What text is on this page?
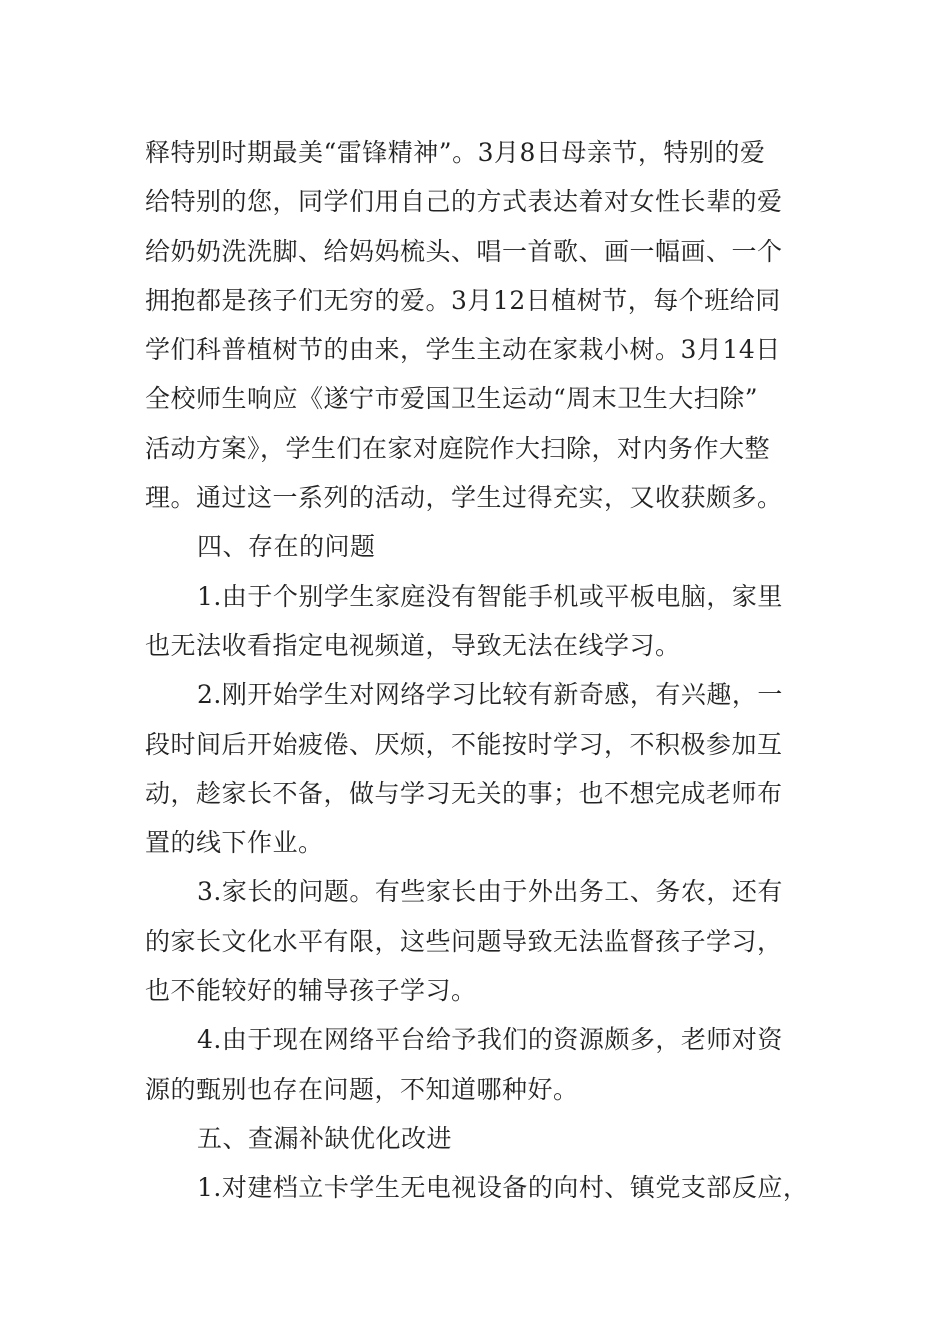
释特别时期最美“雷锋精神”。3月8日母亲节，特别的爱
给特别的您，同学们用自己的方式表达着对女性长辈的爱
给奶奶洗洗脚、给妈妈梳头、唱一首歌、画一幅画、一个
拥抱都是孩子们无穷的爱。3月12日植树节，每个班给同
学们科普植树节的由来，学生主动在家栽小树。3月14日
全校师生响应《遂宁市爱国卫生运动“周末卫生大扫除”
活动方案》，学生们在家对庭院作大扫除，对内务作大整
理。通过这一系列的活动，学生过得充实，又收获颇多。
四、存在的问题
1.由于个别学生家庭没有智能手机或平板电脑，家里
也无法收看指定电视频道，导致无法在线学习。
2.刚开始学生对网络学习比较有新奇感，有兴趣，一
段时间后开始疲倦、厌烦，不能按时学习，不积极参加互
动，趁家长不备，做与学习无关的事；也不想完成老师布
置的线下作业。
3.家长的问题。有些家长由于外出务工、务农，还有
的家长文化水平有限，这些问题导致无法监督孩子学习，
也不能较好的辅导孩子学习。
4.由于现在网络平台给予我们的资源颇多，老师对资
源的甄别也存在问题，不知道哪种好。
五、查漏补缺优化改进
1.对建档立卡学生无电视设备的向村、镇党支部反应，
